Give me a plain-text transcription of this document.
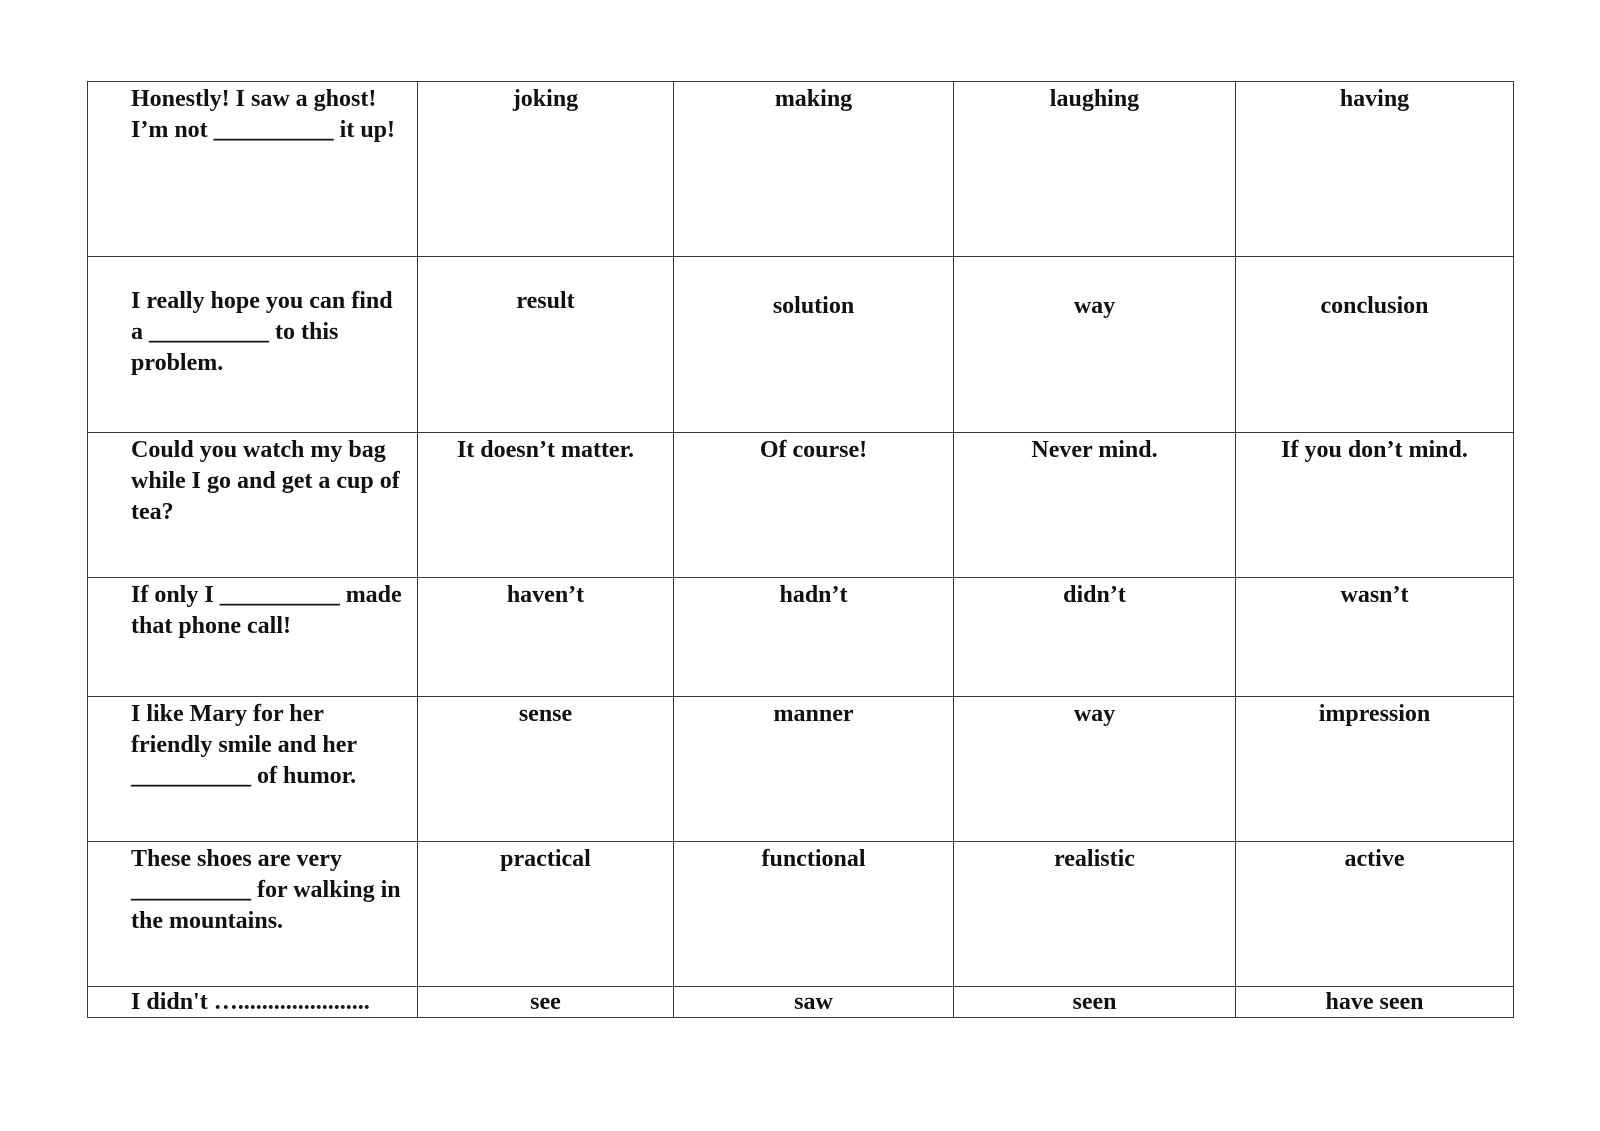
Honestly! I saw a ghost! I’m not __________ it up!	joking	making	laughing	having

I really hope you can find a __________ to this problem.	result	solution	way	conclusion

Could you watch my bag while I go and get a cup of tea?	It doesn’t matter.	Of course!	Never mind.	If you don’t mind.

If only I __________ made that phone call!	haven’t	hadn’t	didn’t	wasn’t

I like Mary for her friendly smile and her __________ of humor.	sense	manner	way	impression

These shoes are very __________ for walking in the mountains.	practical	functional	realistic	active

I didn't …......................	see	saw	seen	have seen
